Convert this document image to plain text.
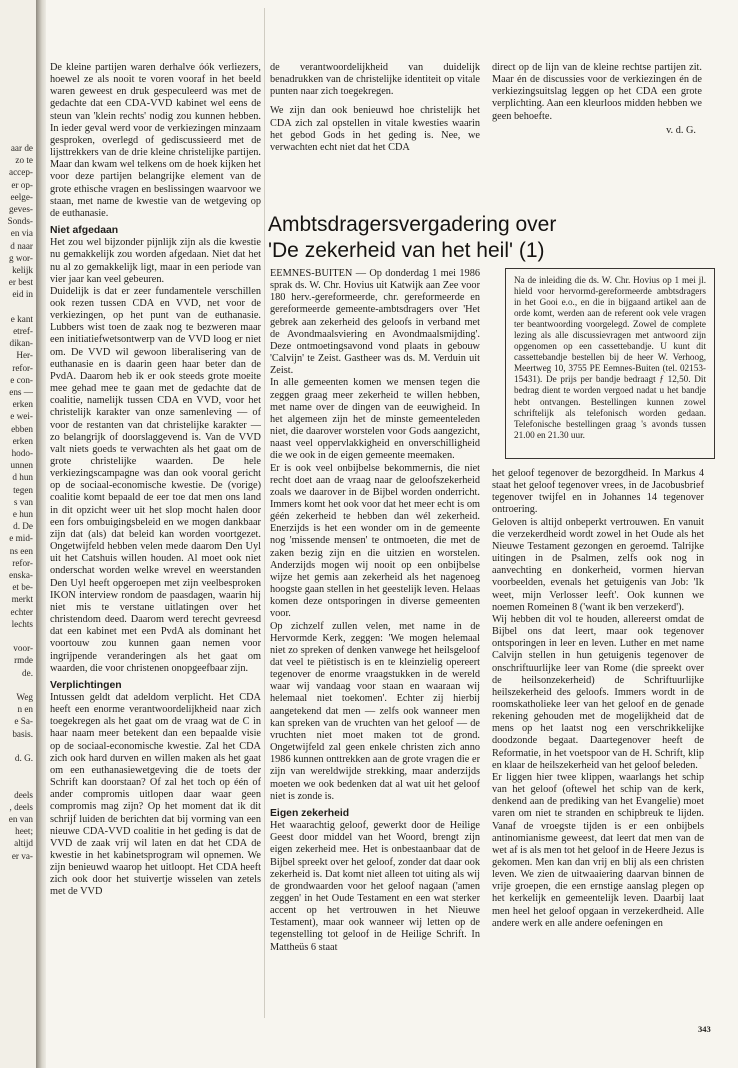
aar de
zo te
accep-
er op-
eelge-
geves-
Sonds-
en via
d naar
g wor-
kelijk
er best
eid in
e kant
etref-
dikan-
Her-
refor-
e con-
ens —
erken
e wei-
ebben
erken
hodo-
unnen
d hun
tegen
s van
e hun
d. De
e mid-
ns een
refor-
enska-
et be-
merkt
echter
lechts
voor-
rmde
de.
Weg
n en
e Sa-
basis.
d. G.
deels
, deels
en van
heet;
altijd
er va-

De kleine partijen waren derhalve óók verliezers, hoewel ze als nooit te voren vooraf in het beeld waren geweest en druk gespeculeerd was met de gedachte dat een CDA-VVD kabinet wel eens de steun van 'klein rechts' nodig zou kunnen hebben. In ieder geval werd voor de verkiezingen minzaam gesproken, overlegd of gediscussieerd met de lijsttrekkers van de drie kleine christelijke partijen. Maar dan kwam wel telkens om de hoek kijken het voor deze partijen belangrijke element van de grote ethische vragen en beslissingen waarvoor we staan, met name de kwestie van de wetgeving op de euthanasie.

Niet afgedaan

Het zou wel bijzonder pijnlijk zijn als die kwestie nu gemakkelijk zou worden afgedaan. Niet dat het nu al zo gemakkelijk ligt, maar in een periode van vier jaar kan veel gebeuren.

Duidelijk is dat er zeer fundamentele verschillen ook rezen tussen CDA en VVD, net voor de verkiezingen, op het punt van de euthanasie. Lubbers wist toen de zaak nog te bezweren maar een initiatiefwetsontwerp van de VVD loog er niet om. De VVD wil gewoon liberalisering van de euthanasie en is daarin geen haar beter dan de PvdA. Daarom heb ik er ook steeds grote moeite mee gehad mee te gaan met de gedachte dat de coalitie, namelijk tussen CDA en VVD, voor het christelijk karakter van onze samenleving — of voor de restanten van dat christelijke karakter — zo belangrijk of doorslaggevend is. Van de VVD valt niets goeds te verwachten als het gaat om de grote christelijke waarden. De hele verkiezingscampagne was dan ook vooral gericht op de sociaal-economische kwestie. De (vorige) coalitie komt bepaald de eer toe dat men ons land in dit opzicht weer uit het slop mocht halen door een fors ombuigingsbeleid en we mogen dankbaar zijn dat (als) dat beleid kan worden voortgezet. Ongetwijfeld hebben velen mede daarom Den Uyl uit het Catshuis willen houden. Al moet ook niet onderschat worden welke wrevel en weerstanden Den Uyl heeft opgeroepen met zijn veelbesproken IKON interview rondom de paasdagen, waarin hij niet mis te verstane uitlatingen over het christendom deed. Daarom werd terecht gevreesd dat een kabinet met een PvdA als dominant het voortouw zou kunnen gaan nemen voor ingrijpende veranderingen als het gaat om waarden, die voor christenen onopgeefbaar zijn.

Verplichtingen

Intussen geldt dat adeldom verplicht. Het CDA heeft een enorme verantwoordelijkheid naar zich toegekregen als het gaat om de vraag wat de C in haar naam meer betekent dan een bepaalde visie op de sociaal-economische kwestie. Zal het CDA zich ook hard durven en willen maken als het gaat om een euthanasiewetgeving die de toets der Schrift kan doorstaan? Of zal het toch op één of ander compromis uitlopen daar waar geen compromis mag zijn? Op het moment dat ik dit schrijf luiden de berichten dat bij vorming van een nieuwe CDA-VVD coalitie in het geding is dat de VVD de zaak vrij wil laten en dat het CDA de kwestie in het kabinetsprogram wil opnemen. We zijn benieuwd waarop het uitloopt. Het CDA heeft zich ook door het stuivertje wisselen van zetels met de VVD

de verantwoordelijkheid van duidelijk benadrukken van de christelijke identiteit op vitale punten naar zich toegekregen.

We zijn dan ook benieuwd hoe christelijk het CDA zich zal opstellen in vitale kwesties waarin het gebod Gods in het geding is. Nee, we verwachten echt niet dat het CDA

direct op de lijn van de kleine rechtse partijen zit. Maar én de discussies voor de verkiezingen én de verkiezingsuitslag leggen op het CDA een grote verplichting. Aan een kleurloos midden hebben we geen behoefte.

v. d. G.

Ambtsdragersvergadering over
'De zekerheid van het heil' (1)

EEMNES-BUITEN — Op donderdag 1 mei 1986 sprak ds. W. Chr. Hovius uit Katwijk aan Zee voor 180 herv.-gereformeerde, chr. gereformeerde en gereformeerde gemeente-ambtsdragers over 'Het gebrek aan zekerheid des geloofs in verband met de Avondmaalsviering en Avondmaalsmijding'. Deze ontmoetingsavond vond plaats in gebouw 'Calvijn' te Zeist. Gastheer was ds. M. Verduin uit Zeist.

In alle gemeenten komen we mensen tegen die zeggen graag meer zekerheid te willen hebben, met name over de dingen van de eeuwigheid. In het algemeen zijn het de minste gemeenteleden niet, die daarover worstelen voor Gods aangezicht, naast veel oppervlakkigheid en onverschilligheid die we ook in de eigen gemeente meemaken.

Er is ook veel onbijbelse bekommernis, die niet recht doet aan de vraag naar de geloofszekerheid zoals we daarover in de Bijbel worden onderricht. Immers komt het ook voor dat het meer echt is om géén zekerheid te hebben dan wél zekerheid. Enerzijds is het een wonder om in de gemeente nog 'missende mensen' te ontmoeten, die met de zaken bezig zijn en die uitzien en worstelen. Anderzijds mogen wij nooit op een onbijbelse wijze het gemis aan zekerheid als het nagenoeg hoogste gaan stellen in het geestelijk leven. Helaas komen deze ontsporingen in diverse gemeenten voor.

Op zichzelf zullen velen, met name in de Hervormde Kerk, zeggen: 'We mogen helemaal niet zo spreken of denken vanwege het heilsgeloof dat veel te piëtistisch is en te kleinzielig opereert tegenover de enorme vraagstukken in de wereld waar wij vandaag voor staan en waaraan wij helemaal niet toekomen'. Echter zij hierbij aangetekend dat men — zelfs ook wanneer men kan spreken van de vruchten van het geloof — de vruchten niet moet maken tot de grond. Ongetwijfeld zal geen enkele christen zich anno 1986 kunnen onttrekken aan de grote vragen die er zijn van wereldwijde strekking, maar anderzijds moeten we ook bedenken dat al wat uit het geloof niet is zonde is.

Eigen zekerheid

Het waarachtig geloof, gewerkt door de Heilige Geest door middel van het Woord, brengt zijn eigen zekerheid mee. Het is onbestaanbaar dat de Bijbel spreekt over het geloof, zonder dat daar ook zekerheid is. Dat komt niet alleen tot uiting als wij de grondwaarden voor het geloof nagaan ('amen zeggen' in het Oude Testament en een wat sterker accent op het vertrouwen in het Nieuwe Testament), maar ook wanneer wij letten op de tegenstelling tot geloof in de Heilige Schrift. In Mattheüs 6 staat

Na de inleiding die ds. W. Chr. Hovius op 1 mei jl. hield voor hervormd-gereformeerde ambtsdragers in het Gooi e.o., en die in bijgaand artikel aan de orde komt, werden aan de referent ook vele vragen ter beantwoording voorgelegd. Zowel de complete lezing als alle discussievragen met antwoord zijn opgenomen op een cassettebandje. U kunt dit cassettebandje bestellen bij de heer W. Verhoog, Meertweg 10, 3755 PE Eemnes-Buiten (tel. 02153-15431). De prijs per bandje bedraagt ƒ 12,50. Dit bedrag dient te worden vergoed nadat u het bandje hebt ontvangen. Bestellingen kunnen zowel schriftelijk als telefonisch worden gedaan. Telefonische bestellingen graag 's avonds tussen 21.00 en 21.30 uur.

het geloof tegenover de bezorgdheid. In Markus 4 staat het geloof tegenover vrees, in de Jacobusbrief tegenover twijfel en in Johannes 14 tegenover ontroering.

Geloven is altijd onbeperkt vertrouwen. En vanuit die verzekerdheid wordt zowel in het Oude als het Nieuwe Testament gezongen en geroemd. Talrijke uitingen in de Psalmen, zelfs ook nog in aanvechting en donkerheid, vormen hiervan voorbeelden, evenals het getuigenis van Job: 'Ik weet, mijn Verlosser leeft'. Ook kunnen we noemen Romeinen 8 ('want ik ben verzekerd').

Wij hebben dit vol te houden, allereerst omdat de Bijbel ons dat leert, maar ook tegenover ontsporingen in leer en leven. Luther en met name Calvijn stellen in hun getuigenis tegenover de onschriftuurlijke leer van Rome (die spreekt over de heilsonzekerheid) de Schriftuurlijke heilszekerheid des geloofs. Immers wordt in de roomskatholieke leer van het geloof en de genade rekening gehouden met de mogelijkheid dat de mens op het laatst nog een verschrikkelijke doodzonde begaat. Daartegenover heeft de Reformatie, in het voetspoor van de H. Schrift, klip en klaar de heilszekerheid van het geloof beleden.

Er liggen hier twee klippen, waarlangs het schip van het geloof (oftewel het schip van de kerk, denkend aan de prediking van het Evangelie) moet varen om niet te stranden en schipbreuk te lijden. Vanaf de vroegste tijden is er een onbijbels antinomianisme geweest, dat leert dat men van de wet af is als men tot het geloof in de Heere Jezus is gekomen. Men kan dan vrij en blij als een christen leven. We zien de uitwaaiering daarvan binnen de vrije groepen, die een ernstige aanslag plegen op het kerkelijk en gemeentelijk leven. Daarbij laat men heel het geloof opgaan in verzekerdheid. Alle andere werk en alle andere oefeningen en

343
